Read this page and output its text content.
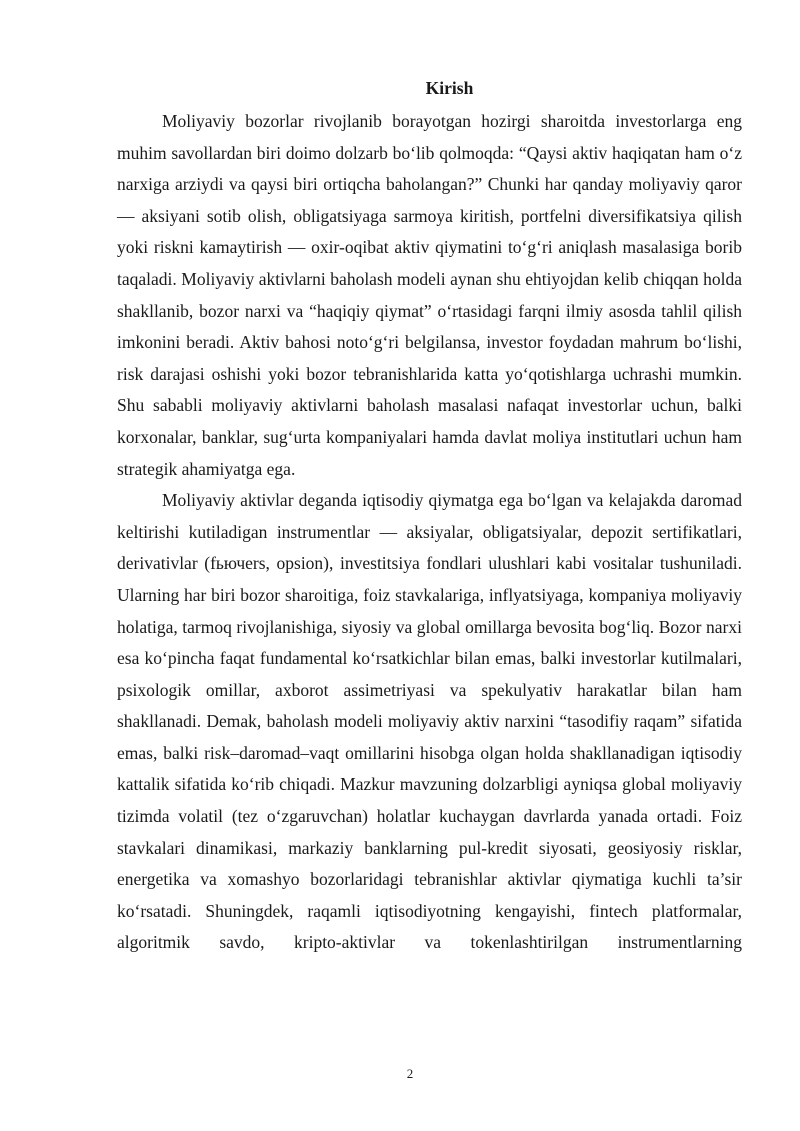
Kirish

Moliyaviy bozorlar rivojlanib borayotgan hozirgi sharoitda investorlarga eng muhim savollardan biri doimo dolzarb bo‘lib qolmoqda: “Qaysi aktiv haqiqatan ham o‘z narxiga arziydi va qaysi biri ortiqcha baholangan?” Chunki har qanday moliyaviy qaror — aksiyani sotib olish, obligatsiyaga sarmoya kiritish, portfelni diversifikatsiya qilish yoki riskni kamaytirish — oxir-oqibat aktiv qiymatini to‘g‘ri aniqlash masalasiga borib taqaladi. Moliyaviy aktivlarni baholash modeli aynan shu ehtiyojdan kelib chiqqan holda shakllanib, bozor narxi va “haqiqiy qiymat” o‘rtasidagi farqni ilmiy asosda tahlil qilish imkonini beradi. Aktiv bahosi noto‘g‘ri belgilansa, investor foydadan mahrum bo‘lishi, risk darajasi oshishi yoki bozor tebranishlarida katta yo‘qotishlarga uchrashi mumkin. Shu sababli moliyaviy aktivlarni baholash masalasi nafaqat investorlar uchun, balki korxonalar, banklar, sug‘urta kompaniyalari hamda davlat moliya institutlari uchun ham strategik ahamiyatga ega.

Moliyaviy aktivlar deganda iqtisodiy qiymatga ega bo‘lgan va kelajakda daromad keltirishi kutiladigan instrumentlar — aksiyalar, obligatsiyalar, depozit sertifikatlari, derivativlar (fьючers, opsion), investitsiya fondlari ulushlari kabi vositalar tushuniladi. Ularning har biri bozor sharoitiga, foiz stavkalariga, inflyatsiyaga, kompaniya moliyaviy holatiga, tarmoq rivojlanishiga, siyosiy va global omillarga bevosita bog‘liq. Bozor narxi esa ko‘pincha faqat fundamental ko‘rsatkichlar bilan emas, balki investorlar kutilmalari, psixologik omillar, axborot assimetriyasi va spekulyativ harakatlar bilan ham shakllanadi. Demak, baholash modeli moliyaviy aktiv narxini “tasodifiy raqam” sifatida emas, balki risk–daromad–vaqt omillarini hisobga olgan holda shakllanadigan iqtisodiy kattalik sifatida ko‘rib chiqadi. Mazkur mavzuning dolzarbligi ayniqsa global moliyaviy tizimda volatil (tez o‘zgaruvchan) holatlar kuchaygan davrlarda yanada ortadi. Foiz stavkalari dinamikasi, markaziy banklarning pul-kredit siyosati, geosiyosiy risklar, energetika va xomashyo bozorlaridagi tebranishlar aktivlar qiymatiga kuchli ta’sir ko‘rsatadi. Shuningdek, raqamli iqtisodiyotning kengayishi, fintech platformalar, algoritmik savdo, kripto-aktivlar va tokenlashtirilgan instrumentlarning

2
